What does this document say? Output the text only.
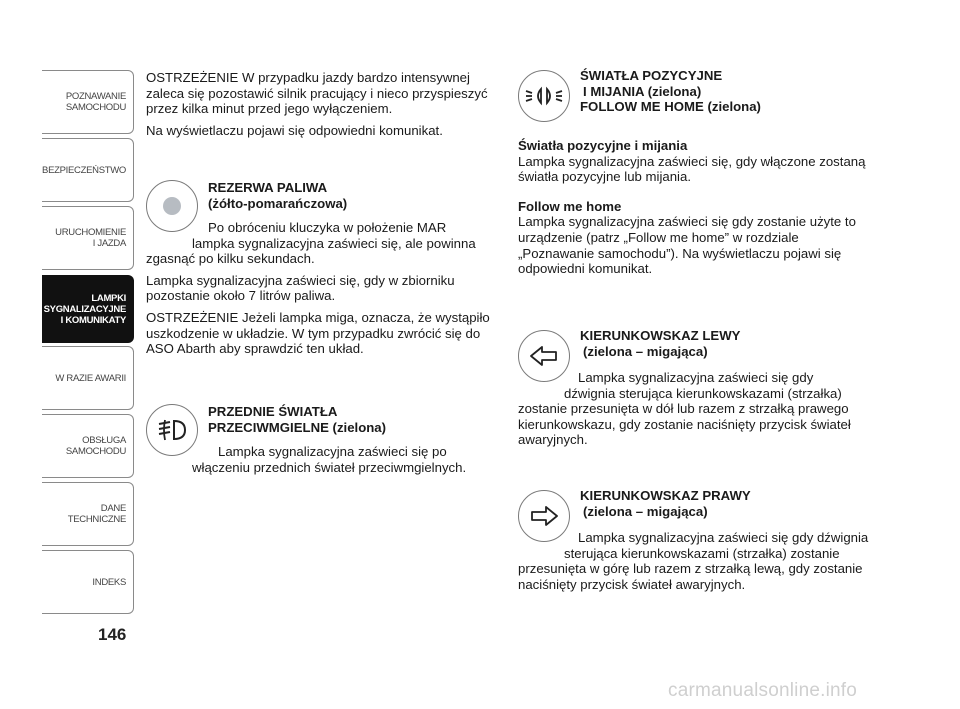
POZNAWANIE
SAMOCHODU
BEZPIECZEŃSTWO
URUCHOMIENIE
I JAZDA
LAMPKI
SYGNALIZACYJNE
I KOMUNIKATY
W RAZIE AWARII
OBSŁUGA
SAMOCHODU
DANE
TECHNICZNE
INDEKS
146

OSTRZEŻENIE W przypadku jazdy bardzo intensywnej zaleca się pozostawić silnik pracujący i nieco przyspieszyć przez kilka minut przed jego wyłączeniem.

Na wyświetlaczu pojawi się odpowiedni komunikat.

REZERWA PALIWA
(żółto-pomarańczowa)
Po obróceniu kluczyka w położenie MAR
lampka sygnalizacyjna zaświeci się, ale powinna
zgasnąć po kilku sekundach.

Lampka sygnalizacyjna zaświeci się, gdy w zbiorniku pozostanie około 7 litrów paliwa.

OSTRZEŻENIE Jeżeli lampka miga, oznacza, że wystąpiło uszkodzenie w układzie. W tym przypadku zwrócić się do ASO Abarth aby sprawdzić ten układ.

PRZEDNIE ŚWIATŁA
PRZECIWMGIELNE (zielona)
Lampka sygnalizacyjna zaświeci się po
włączeniu przednich świateł przeciwmgielnych.
ŚWIATŁA POZYCYJNE
I MIJANIA (zielona)
FOLLOW ME HOME (zielona)
Światła pozycyjne i mijania

Lampka sygnalizacyjna zaświeci się, gdy włączone zostaną światła pozycyjne lub mijania.

Follow me home

Lampka sygnalizacyjna zaświeci się gdy zostanie użyte to urządzenie (patrz „Follow me home” w rozdziale „Poznawanie samochodu”). Na wyświetlaczu pojawi się odpowiedni komunikat.

KIERUNKOWSKAZ LEWY
(zielona – migająca)
Lampka sygnalizacyjna zaświeci się gdy
dźwignia sterująca kierunkowskazami (strzałka)

zostanie przesunięta w dół lub razem z strzałką prawego kierunkowskazu, gdy zostanie naciśnięty przycisk świateł awaryjnych.

KIERUNKOWSKAZ PRAWY
(zielona – migająca)
Lampka sygnalizacyjna zaświeci się gdy dźwignia
sterująca kierunkowskazami (strzałka) zostanie

przesunięta w górę lub razem z strzałką lewą, gdy zostanie naciśnięty przycisk świateł awaryjnych.

carmanualsonline.info
